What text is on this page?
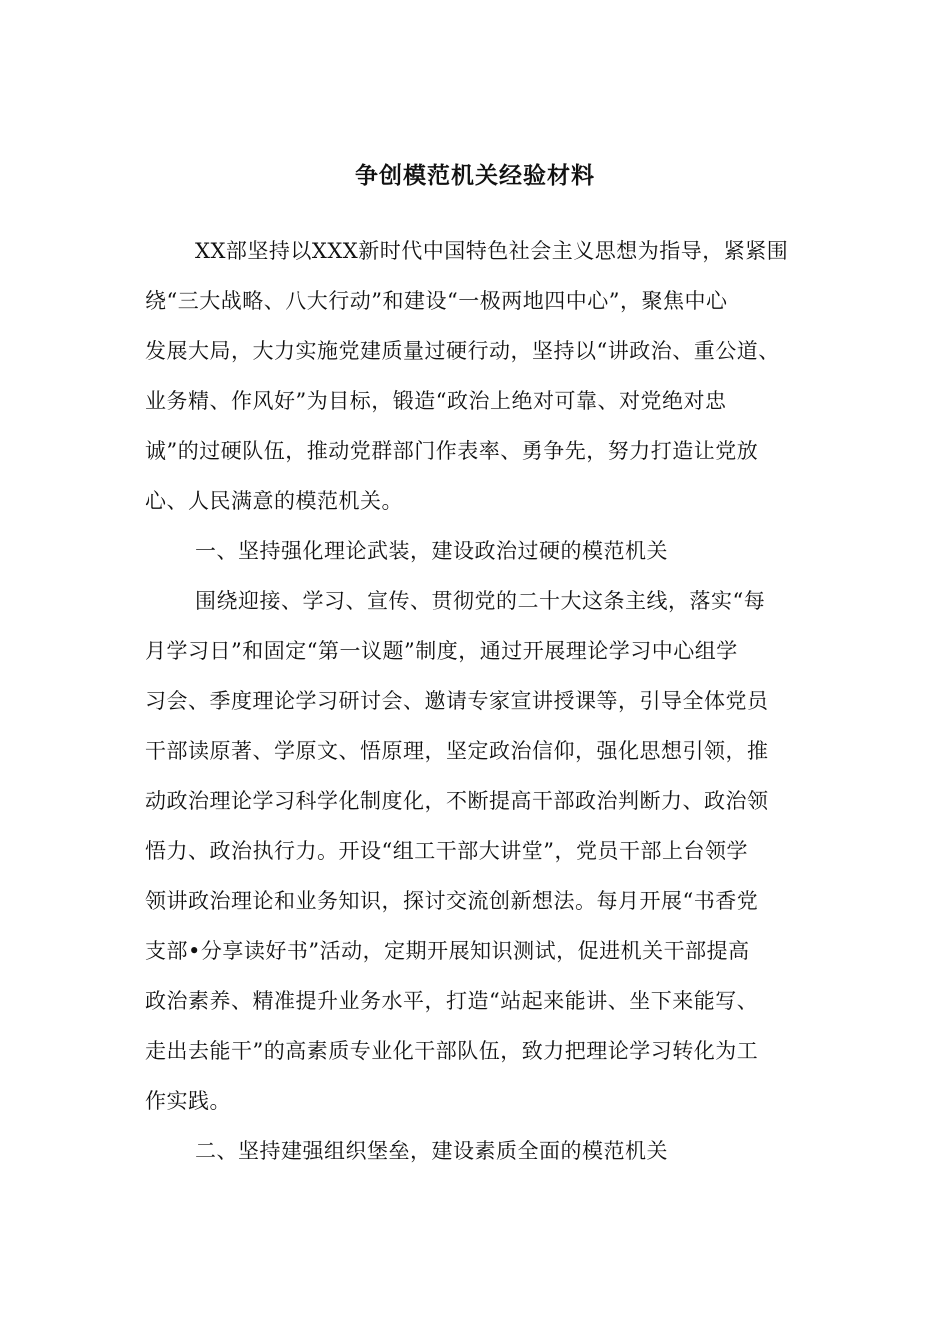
争创模范机关经验材料
XX部坚持以XXX新时代中国特色社会主义思想为指导，紧紧围
绕“三大战略、八大行动”和建设“一极两地四中心”，聚焦中心
发展大局，大力实施党建质量过硬行动，坚持以“讲政治、重公道、
业务精、作风好”为目标，锻造“政治上绝对可靠、对党绝对忠
诚”的过硬队伍，推动党群部门作表率、勇争先，努力打造让党放
心、人民满意的模范机关。
一、坚持强化理论武装，建设政治过硬的模范机关
围绕迎接、学习、宣传、贯彻党的二十大这条主线，落实“每
月学习日”和固定“第一议题”制度，通过开展理论学习中心组学
习会、季度理论学习研讨会、邀请专家宣讲授课等，引导全体党员
干部读原著、学原文、悟原理，坚定政治信仰，强化思想引领，推
动政治理论学习科学化制度化，不断提高干部政治判断力、政治领
悟力、政治执行力。开设“组工干部大讲堂”，党员干部上台领学
领讲政治理论和业务知识，探讨交流创新想法。每月开展“书香党
支部•分享读好书”活动，定期开展知识测试，促进机关干部提高
政治素养、精准提升业务水平，打造“站起来能讲、坐下来能写、
走出去能干”的高素质专业化干部队伍，致力把理论学习转化为工
作实践。
二、坚持建强组织堡垒，建设素质全面的模范机关
